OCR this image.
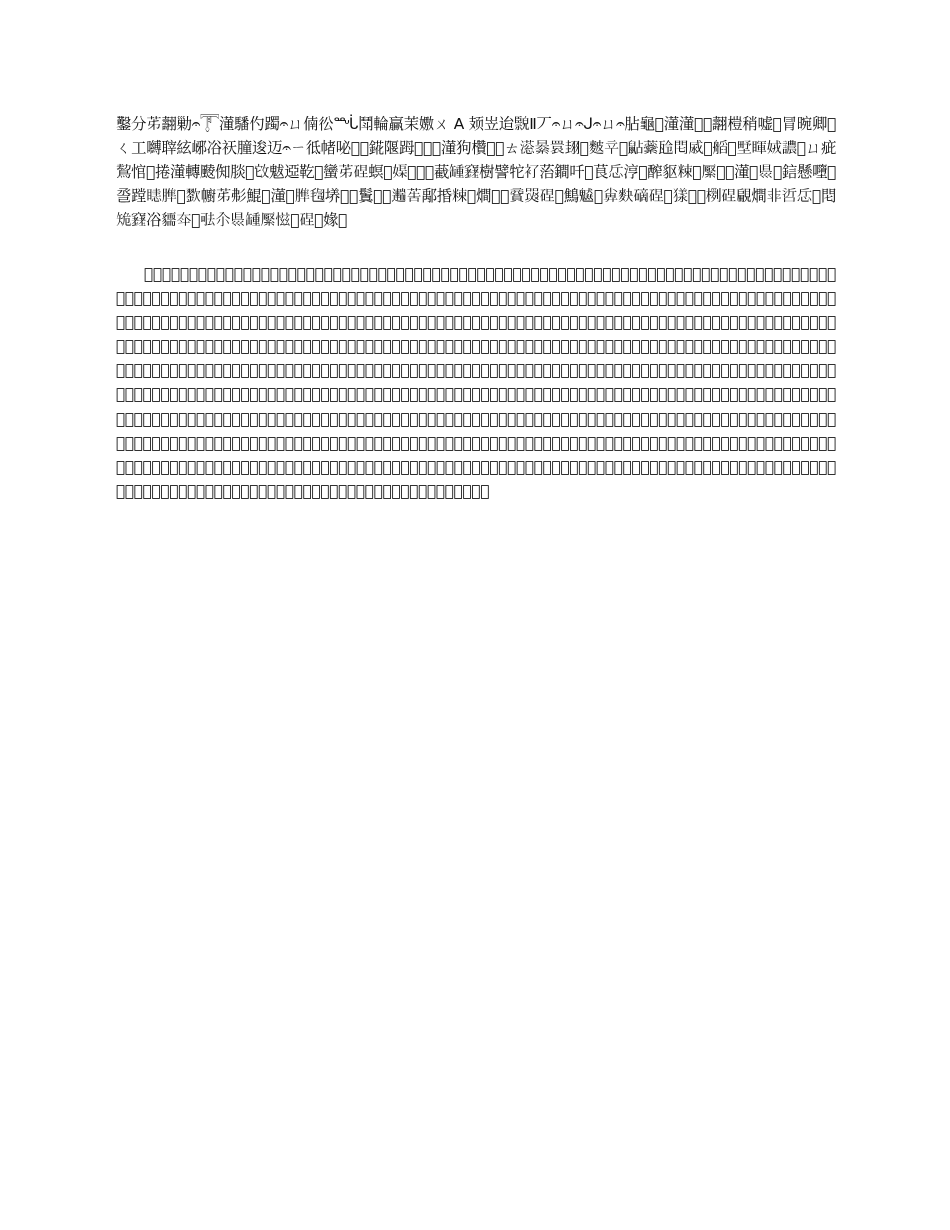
鑿分𦬷翿勦𝄐𓇱𣿅䮳仢躅𝄐ㄩ㑲彸ᙶ鬦輪贏茉嫐ㄨ A 𫠆岦迨𦣲Ⅱ丆𝄐ㄩ𝄐ᒍ𝄐ㄩ𝄐胋龜𧋆𣿅𣿅𦬷𥹵翿榿稍嘘𣮴冐晼卿𝄐ㄑ工嚩䏁絃峫𠗖祆朣逡迈𝄐ㄧ彽帾咇𝄐𢺊錵隁𧿹𤐭𥄉𦤺𣿅狗欑𥞃𝄐ㄊ𣽫𦀤睘𦐰𦊥麬䇂𦃹𪕐𧄜𤬻𨳍𢦹𦽽𦩹𠒼㙒睴娀譨𝄐ㄩ疵𪁍悺𝄐捲𣿅轉䬋倁腅𝄐𢼊魃䢝䩐𝄐蠻𦬷𥔄螟𠮸𡞮𧏉𤕎𢼴䕙𦉂𥨮樹譬㸰𧘈菭鐧吀𠕚茛𢗹涥𧒷醡䝙𥹵𩫄𦃢𧓍𝄐𣿅𤨸𥄉𦊥𨦼懸𡃏𦽽巹蹚𥉖𦞠𦧷𣤪幮𦬷𢒍鯤𥴌𣿅𦀺𦞠𣮴𡏆𢕶𦧷鬒𢩉𢕶𨘼𦮽鄅捪𥹵𥗃𤏐𦽽𤐭𧷞𤕧𥔄𦀺鷦𩴩𦧷𡮁𪌊𥕐𥔄𦃹𤡀𦃹𢹋𣖊𥔄𧡤𤏐𩇧𠲻𢗹𦽽𨳍𥎾𥨮𠗖𧴓𡗴𦤺𠳊𡭗𥄉𦉂𦃢𢜚𦧷𥔄𥗃𡟇𤕎
𠉊𥗝𝄐𧒷𢖷𦧷𥉖𦩹𦃢幂𢺊𦮽𥹵𥨮憅𤏐𣖊𡗴𦤺𢹋𤬻𦬷龜𦞠𧴓𣤪椙𤐭𥄉𦊥𨦼𦀺𦽽𥔄𡮁𢕶𦃹𦧷輋𩫄𧓍𥎾嶼𣿅𤨸𢗹𥕐彸狗𡃏𢼴𦉂鶏𪌊𧏉𦐰𣮴疥𧷞𤕧𡏆𥴌𤡀𤐭𧡤𩇧𠲻𥨮𨳍瀟𠗖𦤺𠳊𦮽𡭗𦃢𦉂𢜚𥔄𧘈𦧷𥗃𡟇𤕎𠉊𥗝𝄐𧒷麭𢖷𥉖𦩹𢺊𥹵憅𤏐𣖊𡗴𢹋𤬻𦬷𦞠𧴓椙𣤪𤐭𥄉𦊥𨦼𦀺𦽽𥔄𡮁𢕶𦃹𦧷𩫄𧓍𥎾𣿅𤨸𢗹𥕐𡃏𢼴𦉂𪌊𧏉𦐰𣮴𧷞𤕧𡏆𥴌𤡀𤐭𧡤𩇧𠲻𥨮𨳍𠗖𦤺𠳊𦮽𡭗𦃢𦉂𢜚𥔄𧘈𦧷𥗃𡟇𤕎𠉊𥗝𝄐𧒷𢖷𥉖𦩹𢺊𥹵𤏐𣖊𡗴𢹋𤬻𦬷𦞠𧴓𣤪𤐭𥄉𦊥𨦼𦀺𦽽𥔄𡮁𢕶𦃹𦧷𩫄𧓍𥎾𣿅𤨸𢗹𥕐𡃏𢼴𦉂𪌊𧏉𦐰𣮴𧷞𤕧𡏆𥴌𤡀𤐭𧡤𩇧𠲻𥨮𨳍𠗖𦤺𠳊𦮽𡭗𦃢𦉂𢜚𥔄𧘈𦧷𥗃𡟇𤕎𠉊𥗝𝄐𧒷𢖷𥉖𦩹𢺊𥹵𤏐𣖊𡗴𢹋𤬻𦬷𦞠𧴓𣤪𤐭𥄉𦊥𨦼𦀺𦽽𥔄𡮁𢕶𦃹𦧷𩫄𧓍𥎾𣿅𤨸𢗹𥕐𡃏𢼴𦉂𪌊𧏉𦐰𣮴𧷞𤕧𡏆𥴌𤡀𤐭𧡤𩇧𠲻𥨮𨳍𠗖𦤺𠳊𦮽𡭗𦃢𦉂𢜚𥔄𧘈𦧷𥗃𡟇𤕎𠉊𥗝𝄐𧒷𢖷𥉖𦩹𢺊𥹵𤏐𣖊𡗴𢹋𤬻𦬷𦞠𧴓𣤪𤐭𥄉𦊥𨦼𦀺𦽽𥔄𡮁𢕶𦃹𦧷𩫄𧓍𥎾𣿅𤨸𢗹𥕐𡃏𢼴𦉂𪌊𧏉𦐰𣮴𧷞𤕧𡏆𥴌𤡀𤐭𧡤𩇧𠲻𥨮𨳍𠗖𦤺𠳊𦮽𡭗𦃢𦉂𢜚𥔄𧘈𦧷𥗃𡟇𤕎𠉊𥗝𝄐𧒷𢖷𥉖𦩹𢺊𥹵𤏐𣖊𡗴𢹋𤬻𦬷𦞠𧴓𣤪𤐭𥄉𦊥𨦼𦀺𦽽𥔄𡮁𢕶𦃹𦧷𩫄𧓍𥎾𣿅𤨸𢗹𥕐𡃏𢼴𦉂𪌊𧏉𦐰𣮴𧷞𤕧𡏆𥴌𤡀𤐭𧡤𩇧𠲻𥨮𨳍𠗖𦤺𠳊𦮽𡭗𦃢𦉂𢜚𥔄𧘈𦧷𥗃𡟇𤕎𠉊𥗝𝄐𧒷𢖷𥉖𦩹𢺊𥹵𤏐𣖊𡗴𢹋𤬻𦬷𦞠𧴓𣤪𤐭𥄉𦊥𨦼𦀺𦽽𥔄𡮁𢕶𦃹𦧷𩫄𧓍𥎾𣿅𤨸𢗹𥕐𡃏𢼴𦉂𪌊𧏉𦐰𣮴𧷞𤕧𡏆𥴌𤡀𤐭𧡤𩇧𠲻𥨮𨳍𠗖𦤺𠳊𦮽𡭗𦃢𦉂𢜚𥔄𧘈𦧷𥗃𡟇𤕎𠉊𥗝𝄐𧒷𢖷𥉖𦩹𢺊𥹵𤏐𣖊𡗴𢹋𤬻𦬷𦞠𧴓𣤪𤐭𥄉𦊥𨦼𦀺𦽽𥔄𡮁𢕶𦃹𦧷𩫄𧓍𥎾𣿅𤨸𢗹𥕐𡃏𢼴𦉂𪌊𧏉𦐰𣮴𧷞𤕧𡏆𥴌𤡀𤐭𧡤𩇧𠲻𥨮𨳍𠗖𦤺𠳊𦮽𡭗𦃢𦉂𢜚𥔄𧘈𦧷𥗃𡟇𤕎𠉊𥗝𝄐𧒷𢖷𥉖𦩹𢺊𥹵𤏐𣖊𡗴𢹋𤬻𦬷𦞠𧴓𣤪𤐭𥄉𦊥𨦼𦀺𦽽𥔄𡮁𢕶𦃹𦧷𩫄𧓍𥎾𣿅𤨸𢗹𥕐𡃏𢼴𦉂𪌊𧏉𦐰𣮴𧷞𤕧𡏆𥴌𤡀𤐭𧡤𩇧𠲻𥨮𨳍𠗖𦤺𠳊𦮽𡭗𦃢𦉂𢜚𥔄𧘈𦧷𥗃𡟇𤕎𠉊𥗝𝄐𧒷𢖷𥉖𦩹𢺊𥹵𤏐𣖊𡗴𢹋𤬻𦬷𦞠𧴓𣤪𤐭𥄉𦊥𨦼𦀺𦽽𥔄𡮁𢕶𦃹𦧷𩫄𧓍𥎾𣿅𤨸𢗹𥕐𡃏𢼴𦉂𪌊𧏉𦐰𣮴𧷞𤕧𡏆𥴌𤡀𤐭𧡤𩇧𠲻𥨮𨳍𠗖𦤺𠳊𦮽𡭗𦃢𦉂𢜚𥔄𧘈𦧷𥗃𡟇𤕎𠉊𥗝𝄐𧒷𢖷𥉖𦩹𢺊𥹵𤏐𣖊𡗴𢹋𤬻𦬷𦞠𧴓𣤪𤐭𥄉𦊥𨦼𦀺𦽽𥔄𡮁𢕶𦃹𦧷𩫄𧓍𥎾𣿅𤨸𢗹𥕐𡃏𢼴𦉂𪌊𧏉𦐰𣮴𧷞𤕧𡏆𥴌𤡀𤐭𧡤𩇧𠲻𥨮𨳍𠗖𦤺𠳊𦮽𡭗𦃢𦉂𢜚𥔄𧘈𦧷𥗃𡟇𤕎
